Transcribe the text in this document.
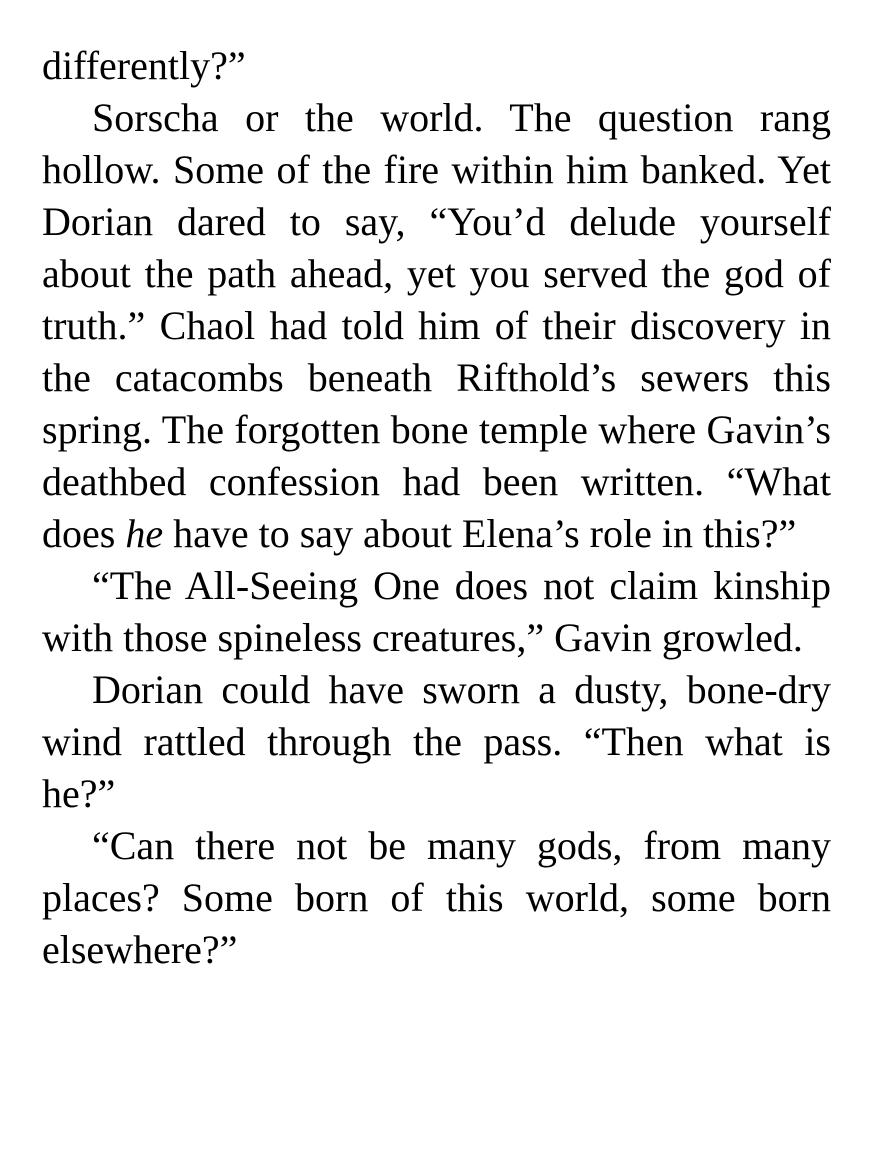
differently?”

Sorscha or the world. The question rang hollow. Some of the fire within him banked. Yet Dorian dared to say, “You’d delude yourself about the path ahead, yet you served the god of truth.” Chaol had told him of their discovery in the catacombs beneath Rifthold’s sewers this spring. The forgotten bone temple where Gavin’s deathbed confession had been written. “What does he have to say about Elena’s role in this?”

“The All-Seeing One does not claim kinship with those spineless creatures,” Gavin growled.

Dorian could have sworn a dusty, bone-dry wind rattled through the pass. “Then what is he?”

“Can there not be many gods, from many places? Some born of this world, some born elsewhere?”
